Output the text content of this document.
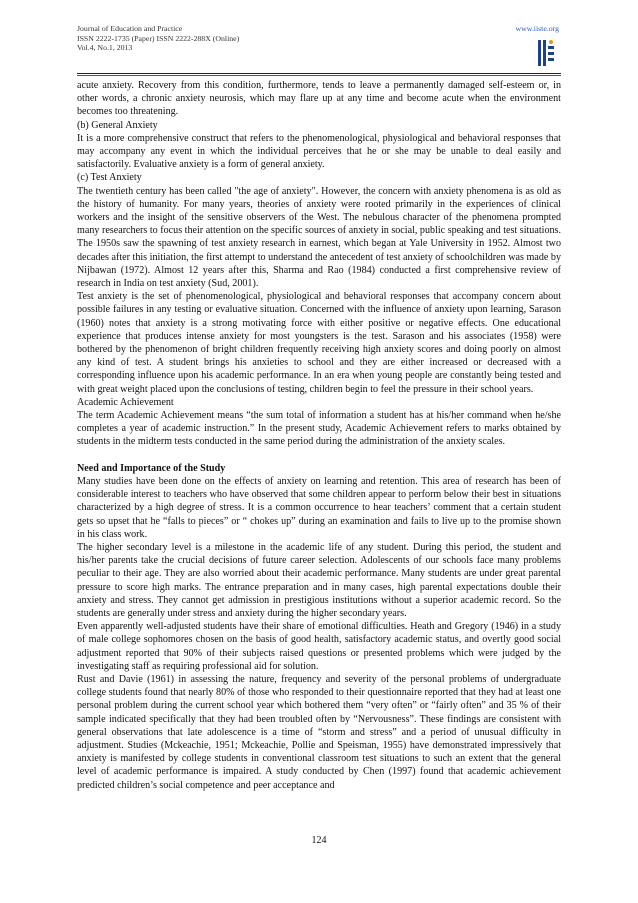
Journal of Education and Practice
ISSN 2222-1735 (Paper) ISSN 2222-288X (Online)
Vol.4, No.1, 2013
www.iiste.org

acute anxiety. Recovery from this condition, furthermore, tends to leave a permanently damaged self-esteem or, in other words, a chronic anxiety neurosis, which may flare up at any time and become acute when the environment becomes too threatening.

(b) General Anxiety

It is a more comprehensive construct that refers to the phenomenological, physiological and behavioral responses that may accompany any event in which the individual perceives that he or she may be unable to deal easily and satisfactorily. Evaluative anxiety is a form of general anxiety.

(c) Test Anxiety

The twentieth century has been called "the age of anxiety". However, the concern with anxiety phenomena is as old as the history of humanity. For many years, theories of anxiety were rooted primarily in the experiences of clinical workers and the insight of the sensitive observers of the West. The nebulous character of the phenomena prompted many researchers to focus their attention on the specific sources of anxiety in social, public speaking and test situations. The 1950s saw the spawning of test anxiety research in earnest, which began at Yale University in 1952. Almost two decades after this initiation, the first attempt to understand the antecedent of test anxiety of schoolchildren was made by Nijbawan (1972). Almost 12 years after this, Sharma and Rao (1984) conducted a first comprehensive review of research in India on test anxiety (Sud, 2001).

Test anxiety is the set of phenomenological, physiological and behavioral responses that accompany concern about possible failures in any testing or evaluative situation. Concerned with the influence of anxiety upon learning, Sarason (1960) notes that anxiety is a strong motivating force with either positive or negative effects. One educational experience that produces intense anxiety for most youngsters is the test. Sarason and his associates (1958) were bothered by the phenomenon of bright children frequently receiving high anxiety scores and doing poorly on almost any kind of test. A student brings his anxieties to school and they are either increased or decreased with a corresponding influence upon his academic performance. In an era when young people are constantly being tested and with great weight placed upon the conclusions of testing, children begin to feel the pressure in their school years.

Academic Achievement

The term Academic Achievement means “the sum total of information a student has at his/her command when he/she completes a year of academic instruction.” In the present study, Academic Achievement refers to marks obtained by students in the midterm tests conducted in the same period during the administration of the anxiety scales.

Need and Importance of the Study

Many studies have been done on the effects of anxiety on learning and retention. This area of research has been of considerable interest to teachers who have observed that some children appear to perform below their best in situations characterized by a high degree of stress. It is a common occurrence to hear teachers’ comment that a certain student gets so upset that he “falls to pieces” or “ chokes up” during an examination and fails to live up to the promise shown in his class work.

The higher secondary level is a milestone in the academic life of any student. During this period, the student and his/her parents take the crucial decisions of future career selection. Adolescents of our schools face many problems peculiar to their age. They are also worried about their academic performance. Many students are under great parental pressure to score high marks. The entrance preparation and in many cases, high parental expectations double their anxiety and stress. They cannot get admission in prestigious institutions without a superior academic record. So the students are generally under stress and anxiety during the higher secondary years.

Even apparently well-adjusted students have their share of emotional difficulties. Heath and Gregory (1946) in a study of male college sophomores chosen on the basis of good health, satisfactory academic status, and overtly good social adjustment reported that 90% of their subjects raised questions or presented problems which were judged by the investigating staff as requiring professional aid for solution.

Rust and Davie (1961) in assessing the nature, frequency and severity of the personal problems of undergraduate college students found that nearly 80% of those who responded to their questionnaire reported that they had at least one personal problem during the current school year which bothered them “very often” or “fairly often” and 35 % of their sample indicated specifically that they had been troubled often by “Nervousness”. These findings are consistent with general observations that late adolescence is a time of “storm and stress” and a period of unusual difficulty in adjustment. Studies (Mckeachie, 1951; Mckeachie, Pollie and Speisman, 1955) have demonstrated impressively that anxiety is manifested by college students in conventional classroom test situations to such an extent that the general level of academic performance is impaired. A study conducted by Chen (1997) found that academic achievement predicted children’s social competence and peer acceptance and

124
